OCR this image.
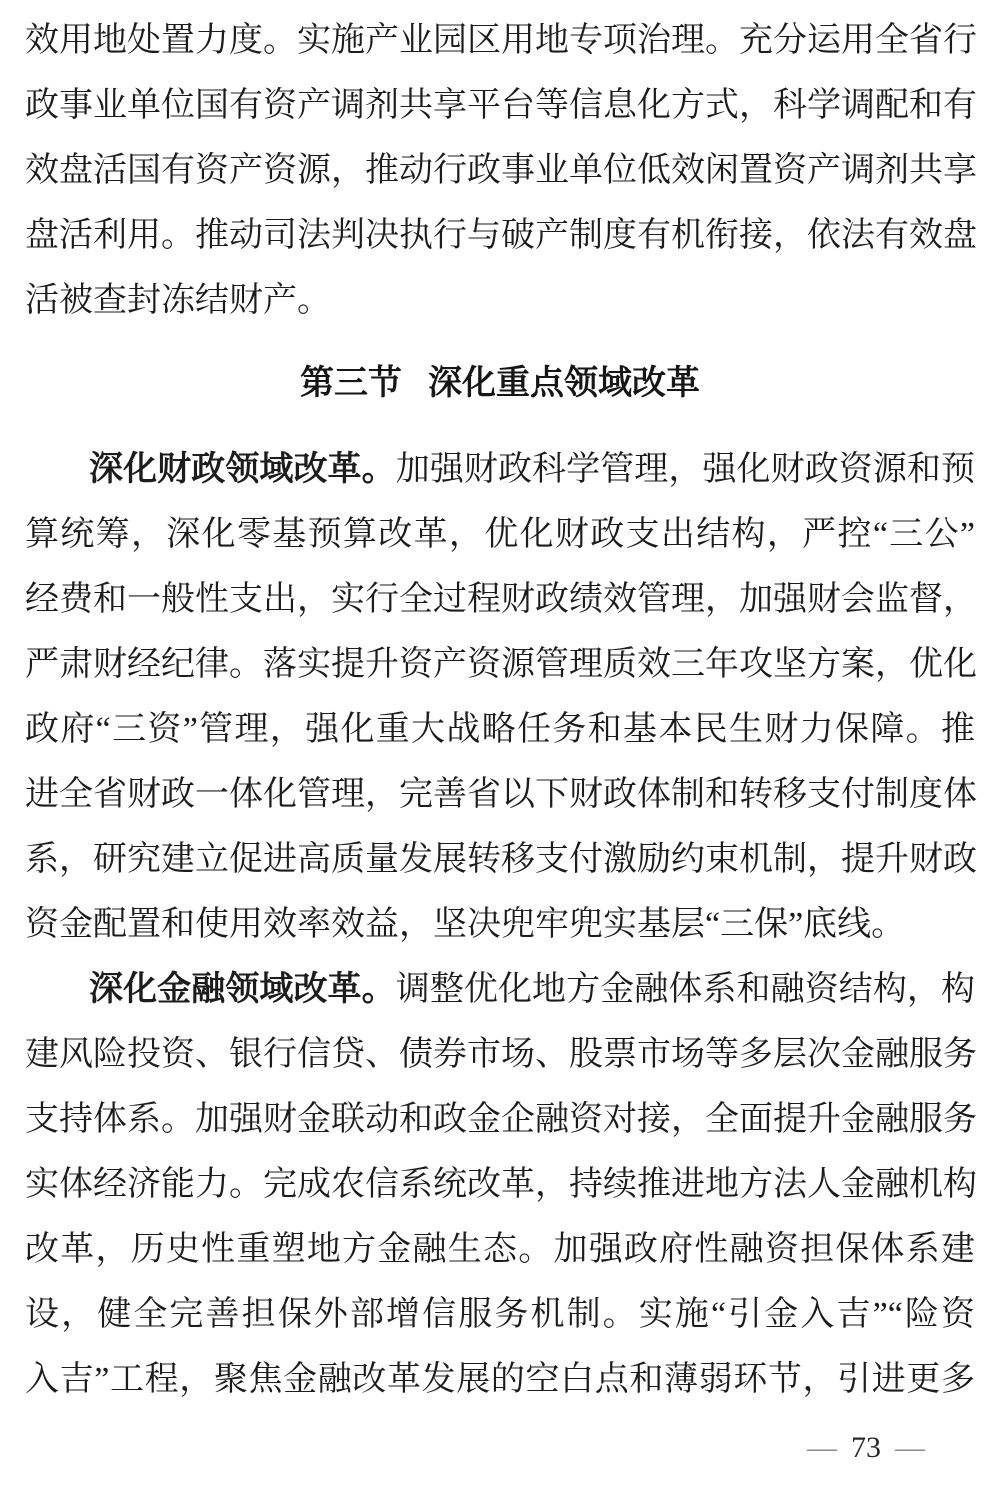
效用地处置力度。实施产业园区用地专项治理。充分运用全省行
政事业单位国有资产调剂共享平台等信息化方式，科学调配和有
效盘活国有资产资源，推动行政事业单位低效闲置资产调剂共享
盘活利用。推动司法判决执行与破产制度有机衔接，依法有效盘
活被查封冻结财产。
第三节 深化重点领域改革
深化财政领域改革。加强财政科学管理，强化财政资源和预
算统筹，深化零基预算改革，优化财政支出结构，严控“三公”
经费和一般性支出，实行全过程财政绩效管理，加强财会监督，
严肃财经纪律。落实提升资产资源管理质效三年攻坚方案，优化
政府“三资”管理，强化重大战略任务和基本民生财力保障。推
进全省财政一体化管理，完善省以下财政体制和转移支付制度体
系，研究建立促进高质量发展转移支付激励约束机制，提升财政
资金配置和使用效率效益，坚决兜牢兜实基层“三保”底线。
深化金融领域改革。调整优化地方金融体系和融资结构，构
建风险投资、银行信贷、债券市场、股票市场等多层次金融服务
支持体系。加强财金联动和政金企融资对接，全面提升金融服务
实体经济能力。完成农信系统改革，持续推进地方法人金融机构
改革，历史性重塑地方金融生态。加强政府性融资担保体系建
设，健全完善担保外部增信服务机制。实施“引金入吉”“险资
入吉”工程，聚焦金融改革发展的空白点和薄弱环节，引进更多
— 73 —
